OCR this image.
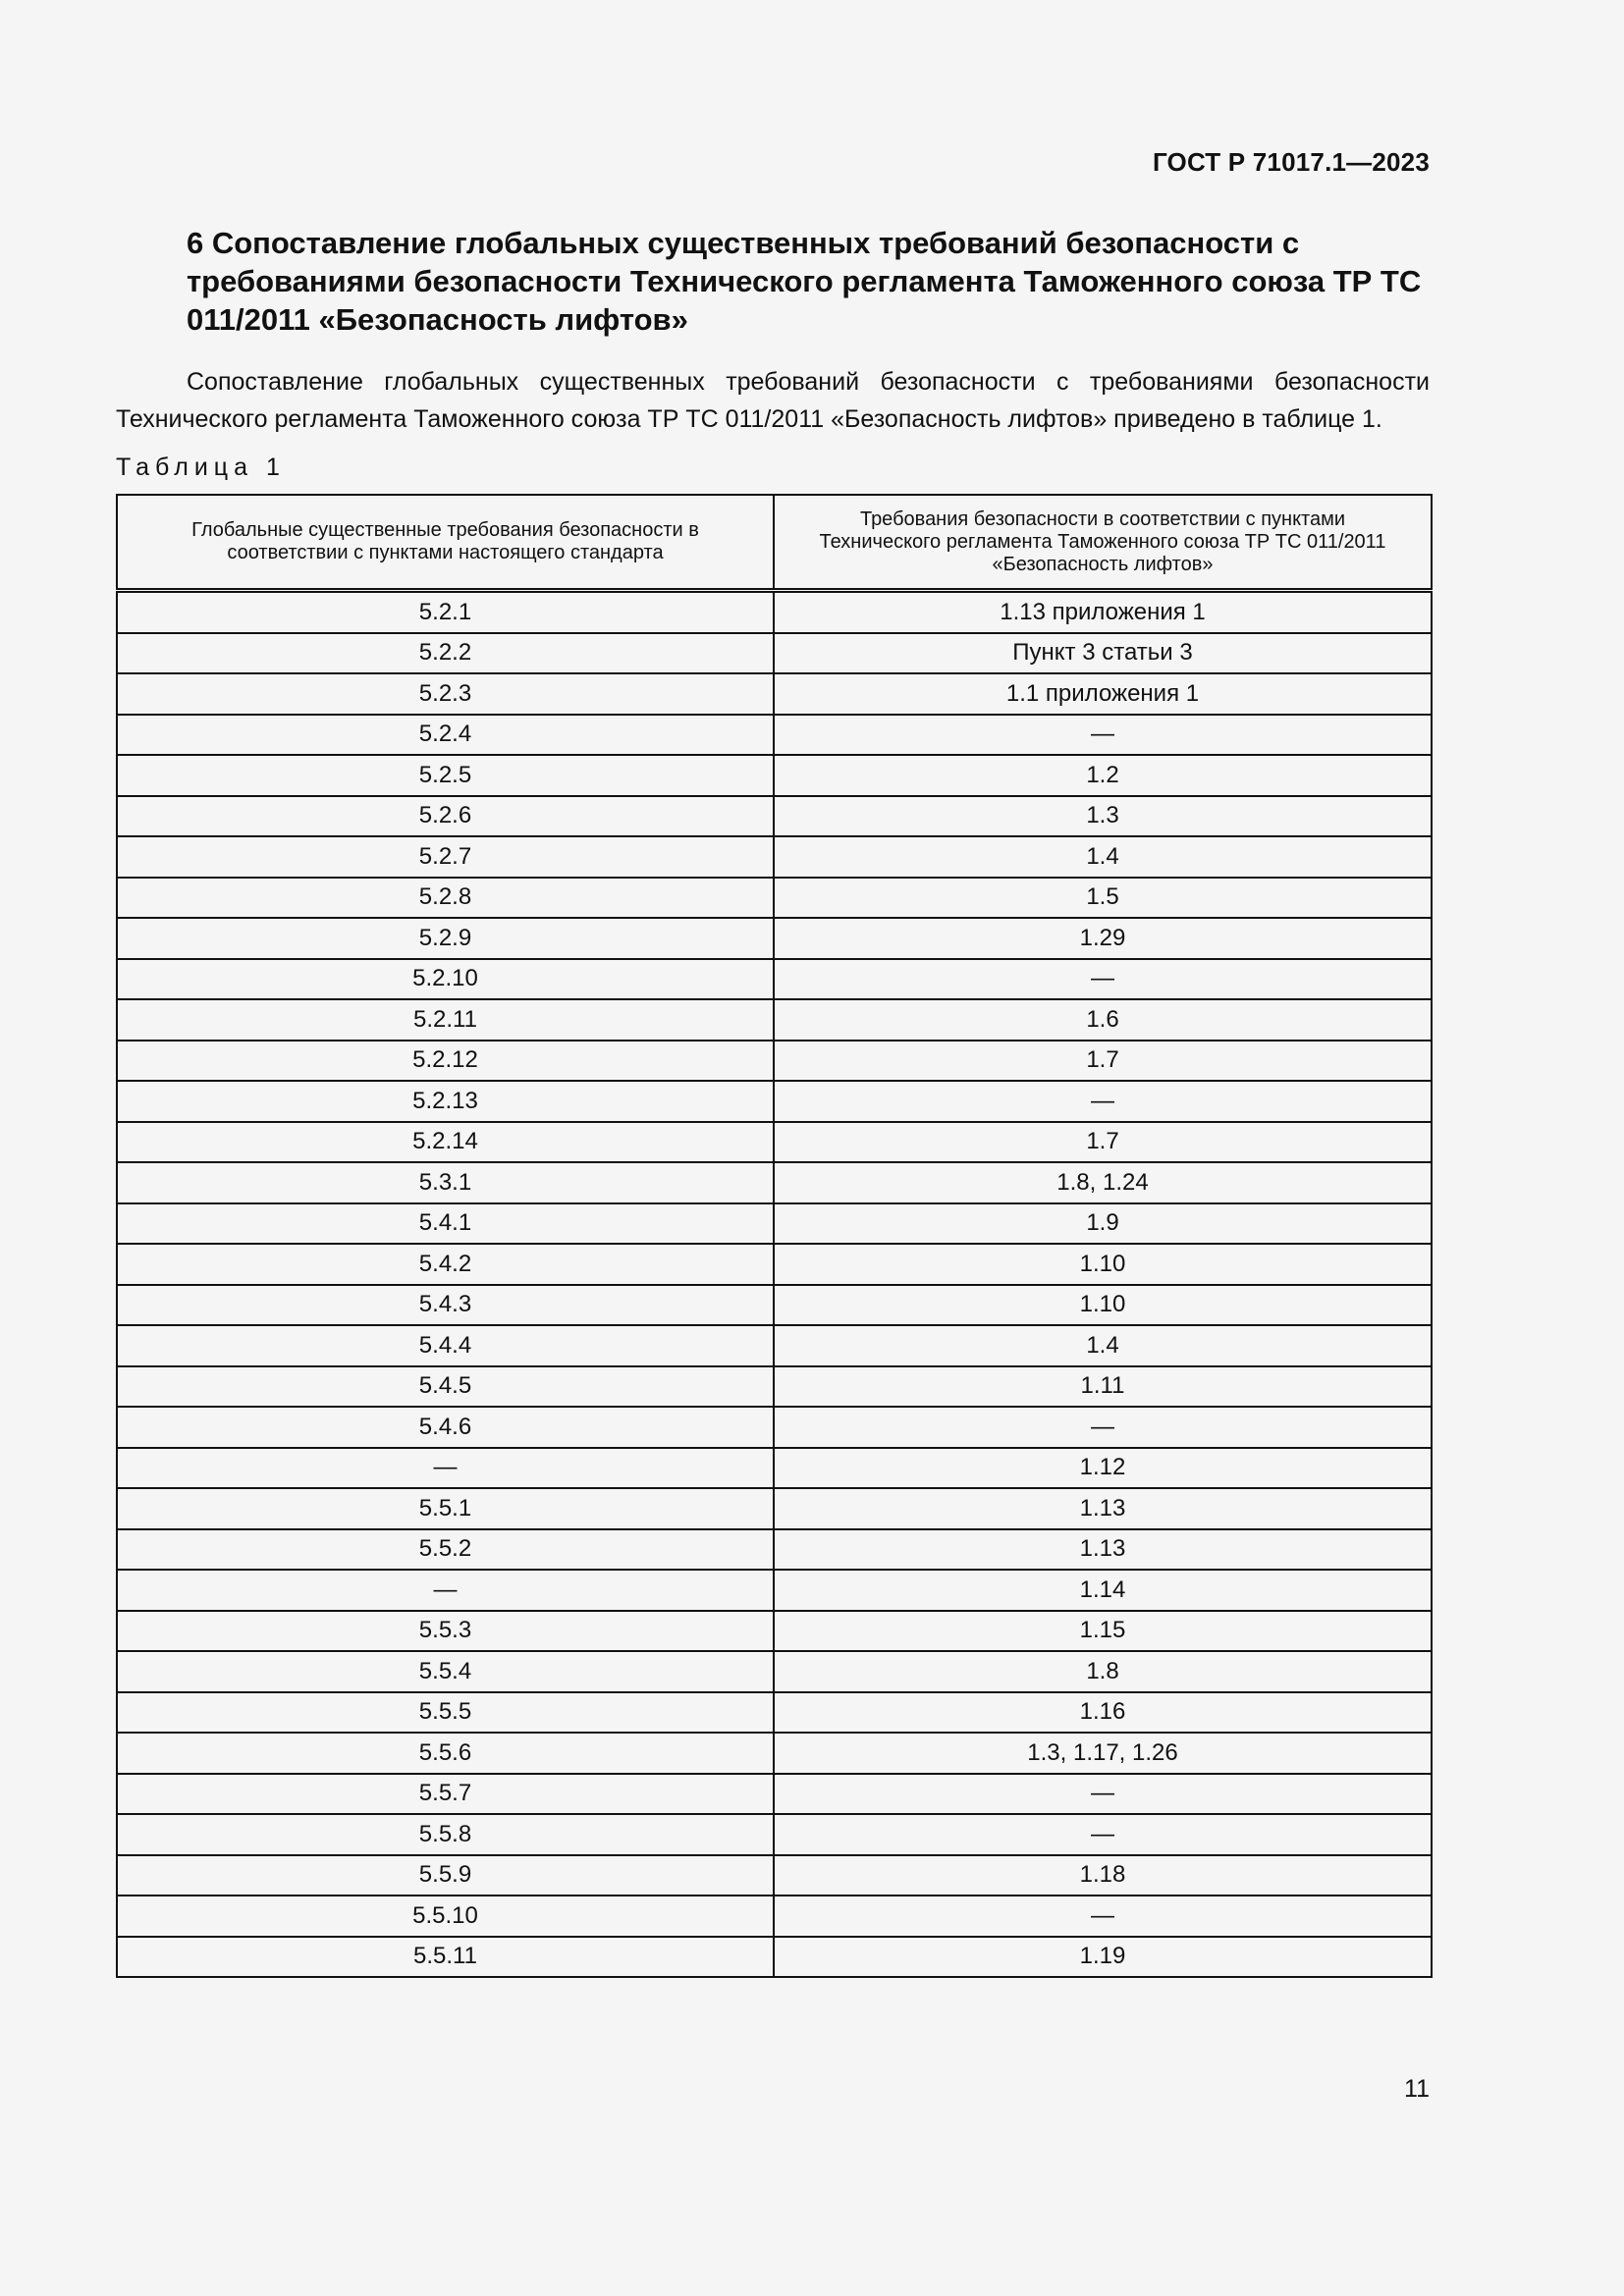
ГОСТ Р 71017.1—2023
6 Сопоставление глобальных существенных требований безопасности с требованиями безопасности Технического регламента Таможенного союза ТР ТС 011/2011 «Безопасность лифтов»

Сопоставление глобальных существенных требований безопасности с требованиями безопасности Технического регламента Таможенного союза ТР ТС 011/2011 «Безопасность лифтов» приведено в таблице 1.

Таблица 1
Глобальные существенные требования безопасности в соответствии с пунктами настоящего стандарта	Требования безопасности в соответствии с пунктами Технического регламента Таможенного союза ТР ТС 011/2011 «Безопасность лифтов»
5.2.1	1.13 приложения 1
5.2.2	Пункт 3 статьи 3
5.2.3	1.1 приложения 1
5.2.4	—
5.2.5	1.2
5.2.6	1.3
5.2.7	1.4
5.2.8	1.5
5.2.9	1.29
5.2.10	—
5.2.11	1.6
5.2.12	1.7
5.2.13	—
5.2.14	1.7
5.3.1	1.8, 1.24
5.4.1	1.9
5.4.2	1.10
5.4.3	1.10
5.4.4	1.4
5.4.5	1.11
5.4.6	—
—	1.12
5.5.1	1.13
5.5.2	1.13
—	1.14
5.5.3	1.15
5.5.4	1.8
5.5.5	1.16
5.5.6	1.3, 1.17, 1.26
5.5.7	—
5.5.8	—
5.5.9	1.18
5.5.10	—
5.5.11	1.19
11
